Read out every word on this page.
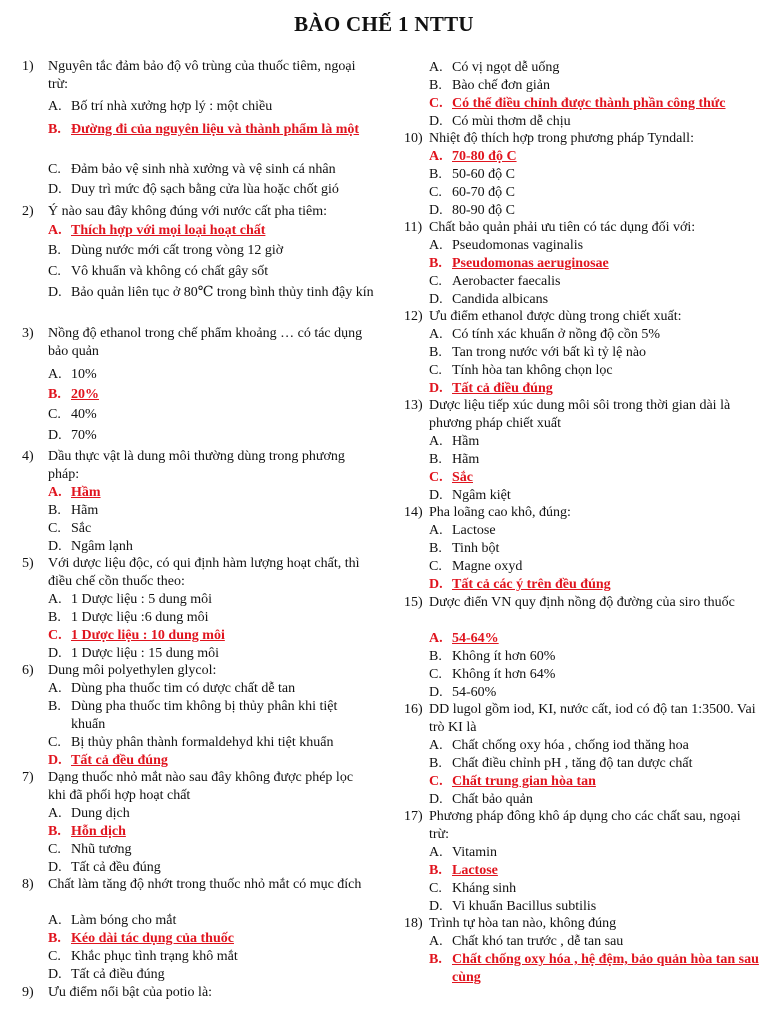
BÀO CHẾ 1 NTTU
1) Nguyên tắc đảm bảo độ vô trùng của thuốc tiêm, ngoại trừ:
A. Bố trí nhà xưởng hợp lý : một chiều
B. Đường đi của nguyên liệu và thành phẩm là một
C. Đảm bảo vệ sinh nhà xưởng và vệ sinh cá nhân
D. Duy trì mức độ sạch bằng cửa lùa hoặc chốt gió
2) Ý nào sau đây không đúng với nước cất pha tiêm:
A. Thích hợp với mọi loại hoạt chất
B. Dùng nước mới cất trong vòng 12 giờ
C. Vô khuẩn và không có chất gây sốt
D. Bảo quản liên tục ở 80℃ trong bình thủy tinh đậy kín
3) Nồng độ ethanol trong chế phẩm khoảng … có tác dụng bảo quản
A. 10%
B. 20%
C. 40%
D. 70%
4) Dầu thực vật là dung môi thường dùng trong phương pháp:
A. Hầm
B. Hãm
C. Sắc
D. Ngâm lạnh
5) Với dược liệu độc, có qui định hàm lượng hoạt chất, thì điều chế cồn thuốc theo:
A. 1 Dược liệu : 5 dung môi
B. 1 Dược liệu :6 dung môi
C. 1 Dược liệu : 10 dung môi
D. 1 Dược liệu : 15 dung môi
6) Dung môi polyethylen glycol:
A. Dùng pha thuốc tim có dược chất dễ tan
B. Dùng pha thuốc tim không bị thủy phân khi tiệt khuẩn
C. Bị thủy phân thành formaldehyd khi tiệt khuẩn
D. Tất cả đều đúng
7) Dạng thuốc nhỏ mắt nào sau đây không được phép lọc khi đã phối hợp hoạt chất
A. Dung dịch
B. Hỗn dịch
C. Nhũ tương
D. Tất cả đều đúng
8) Chất làm tăng độ nhớt trong thuốc nhỏ mắt có mục đích
A. Làm bóng cho mắt
B. Kéo dài tác dụng của thuốc
C. Khắc phục tình trạng khô mắt
D. Tất cả điều đúng
9) Ưu điểm nổi bật của potio là:
A. Có vị ngọt dễ uống
B. Bào chế đơn giản
C. Có thể điều chỉnh được thành phần công thức
D. Có mùi thơm dễ chịu
10) Nhiệt độ thích hợp trong phương pháp Tyndall:
A. 70-80 độ C
B. 50-60 độ C
C. 60-70 độ C
D. 80-90 độ C
11) Chất bảo quản phải ưu tiên có tác dụng đối với:
A. Pseudomonas vaginalis
B. Pseudomonas aeruginosae
C. Aerobacter faecalis
D. Candida albicans
12) Ưu điểm ethanol được dùng trong chiết xuất:
A. Có tính xác khuẩn ở nồng độ cồn 5%
B. Tan trong nước với bất kì tỷ lệ nào
C. Tính hòa tan không chọn lọc
D. Tất cả điều đúng
13) Dược liệu tiếp xúc dung môi sôi trong thời gian dài là phương pháp chiết xuất
A. Hầm
B. Hãm
C. Sắc
D. Ngâm kiệt
14) Pha loãng cao khô, đúng:
A. Lactose
B. Tinh bột
C. Magne oxyd
D. Tất cả các ý trên đều đúng
15) Dược điển VN quy định nồng độ đường của siro thuốc
A. 54-64%
B. Không ít hơn 60%
C. Không ít hơn 64%
D. 54-60%
16) DD lugol gồm iod, KI, nước cất, iod có độ tan 1:3500. Vai trò KI là
A. Chất chống oxy hóa , chống iod thăng hoa
B. Chất điều chỉnh pH , tăng độ tan dược chất
C. Chất trung gian hòa tan
D. Chất bảo quản
17) Phương pháp đông khô áp dụng cho các chất sau, ngoại trừ:
A. Vitamin
B. Lactose
C. Kháng sinh
D. Vi khuẩn Bacillus subtilis
18) Trình tự hòa tan nào, không đúng
A. Chất khó tan trước , dễ tan sau
B. Chất chống oxy hóa , hệ đệm, bảo quản hòa tan sau cùng
